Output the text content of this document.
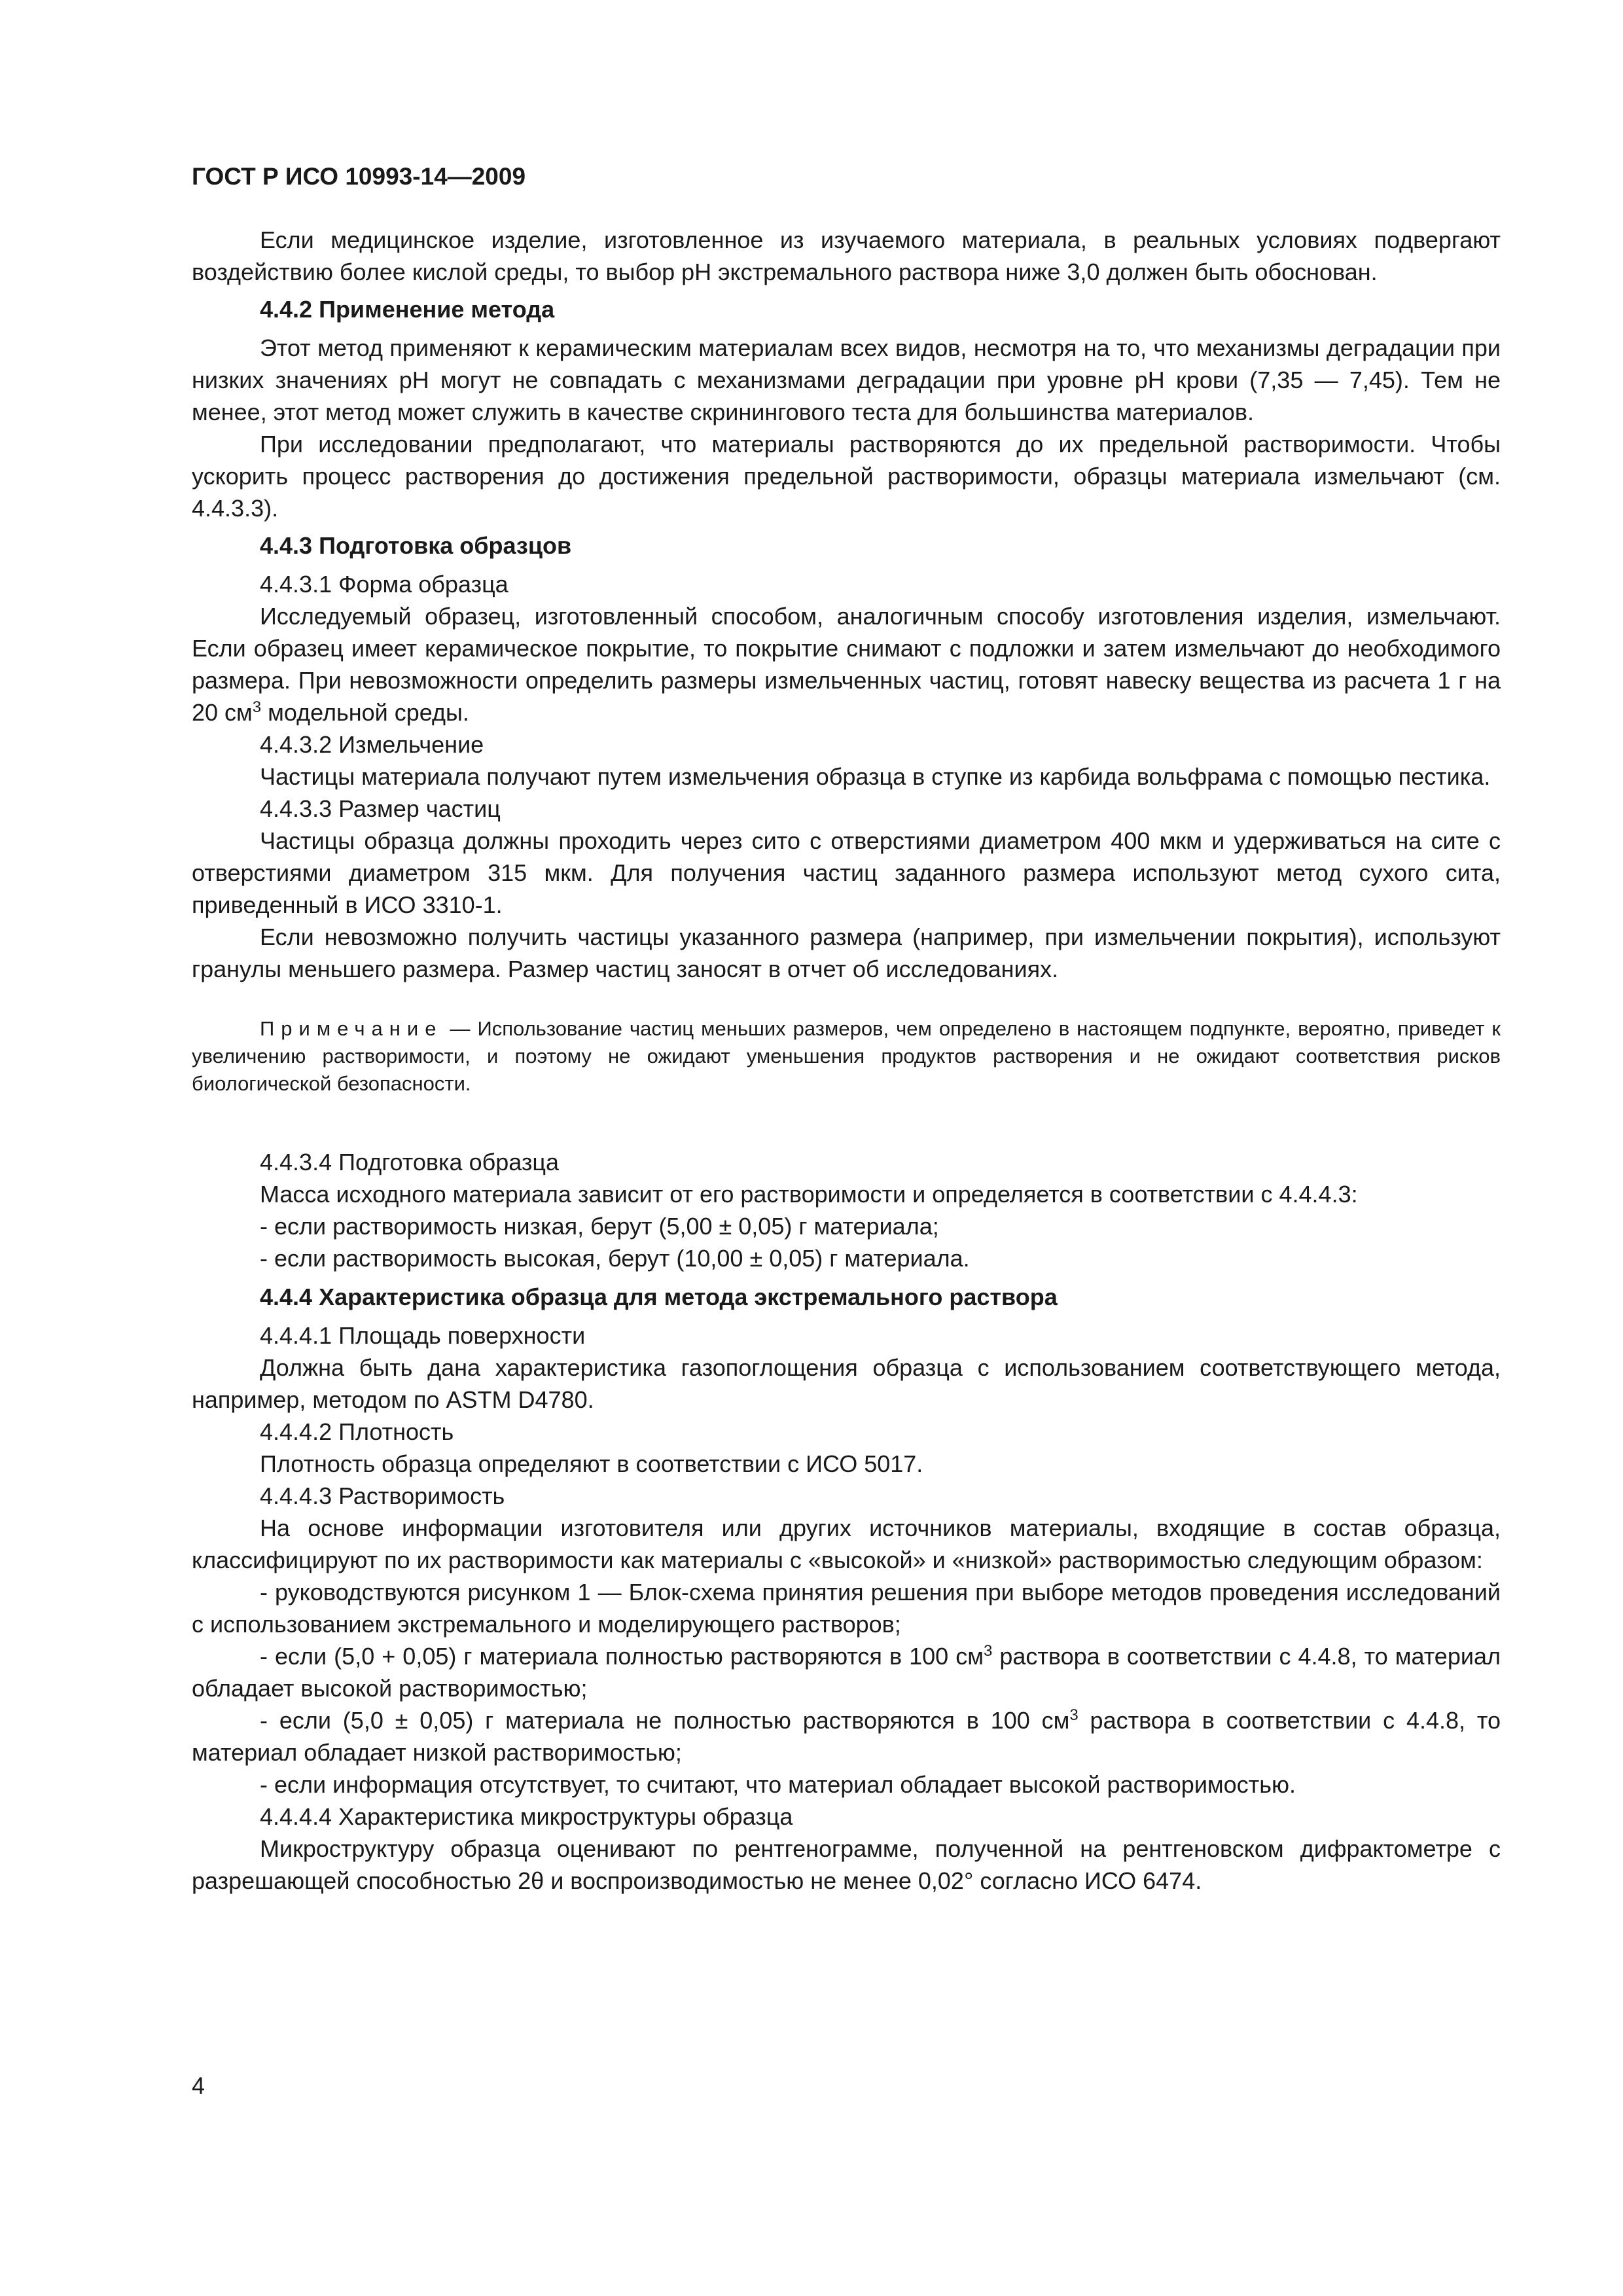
ГОСТ Р ИСО 10993-14—2009

Если медицинское изделие, изготовленное из изучаемого материала, в реальных условиях подвергают воздействию более кислой среды, то выбор pH экстремального раствора ниже 3,0 должен быть обоснован.

4.4.2 Применение метода

Этот метод применяют к керамическим материалам всех видов, несмотря на то, что механизмы деградации при низких значениях pH могут не совпадать с механизмами деградации при уровне pH крови (7,35 — 7,45). Тем не менее, этот метод может служить в качестве скринингового теста для большинства материалов.

При исследовании предполагают, что материалы растворяются до их предельной растворимости. Чтобы ускорить процесс растворения до достижения предельной растворимости, образцы материала измельчают (см. 4.4.3.3).

4.4.3 Подготовка образцов
4.4.3.1 Форма образца

Исследуемый образец, изготовленный способом, аналогичным способу изготовления изделия, измельчают. Если образец имеет керамическое покрытие, то покрытие снимают с подложки и затем измельчают до необходимого размера. При невозможности определить размеры измельченных частиц, готовят навеску вещества из расчета 1 г на 20 $см^3$ модельной среды.

4.4.3.2 Измельчение

Частицы материала получают путем измельчения образца в ступке из карбида вольфрама с помощью пестика.

4.4.3.3 Размер частиц

Частицы образца должны проходить через сито с отверстиями диаметром 400 мкм и удерживаться на сите с отверстиями диаметром 315 мкм. Для получения частиц заданного размера используют метод сухого сита, приведенный в ИСО 3310-1.

Если невозможно получить частицы указанного размера (например, при измельчении покрытия), используют гранулы меньшего размера. Размер частиц заносят в отчет об исследованиях.

Примечание — Использование частиц меньших размеров, чем определено в настоящем подпункте, вероятно, приведет к увеличению растворимости, и поэтому не ожидают уменьшения продуктов растворения и не ожидают соответствия рисков биологической безопасности.
4.4.3.4 Подготовка образца

Масса исходного материала зависит от его растворимости и определяется в соответствии с 4.4.4.3:

- если растворимость низкая, берут (5,00 ± 0,05) г материала;
- если растворимость высокая, берут (10,00 ± 0,05) г материала.
4.4.4 Характеристика образца для метода экстремального раствора
4.4.4.1 Площадь поверхности

Должна быть дана характеристика газопоглощения образца с использованием соответствующего метода, например, методом по ASTM D4780.

4.4.4.2 Плотность

Плотность образца определяют в соответствии с ИСО 5017.

4.4.4.3 Растворимость

На основе информации изготовителя или других источников материалы, входящие в состав образца, классифицируют по их растворимости как материалы с «высокой» и «низкой» растворимостью следующим образом:

- руководствуются рисунком 1 — Блок-схема принятия решения при выборе методов проведения исследований с использованием экстремального и моделирующего растворов;

- если (5,0 + 0,05) г материала полностью растворяются в 100 $см^3$ раствора в соответствии с 4.4.8, то материал обладает высокой растворимостью;

- если (5,0 ± 0,05) г материала не полностью растворяются в 100 $см^3$ раствора в соответствии с 4.4.8, то материал обладает низкой растворимостью;

- если информация отсутствует, то считают, что материал обладает высокой растворимостью.

4.4.4.4 Характеристика микроструктуры образца

Микроструктуру образца оценивают по рентгенограмме, полученной на рентгеновском дифрактометре с разрешающей способностью 2θ и воспроизводимостью не менее 0,02° согласно ИСО 6474.

4
